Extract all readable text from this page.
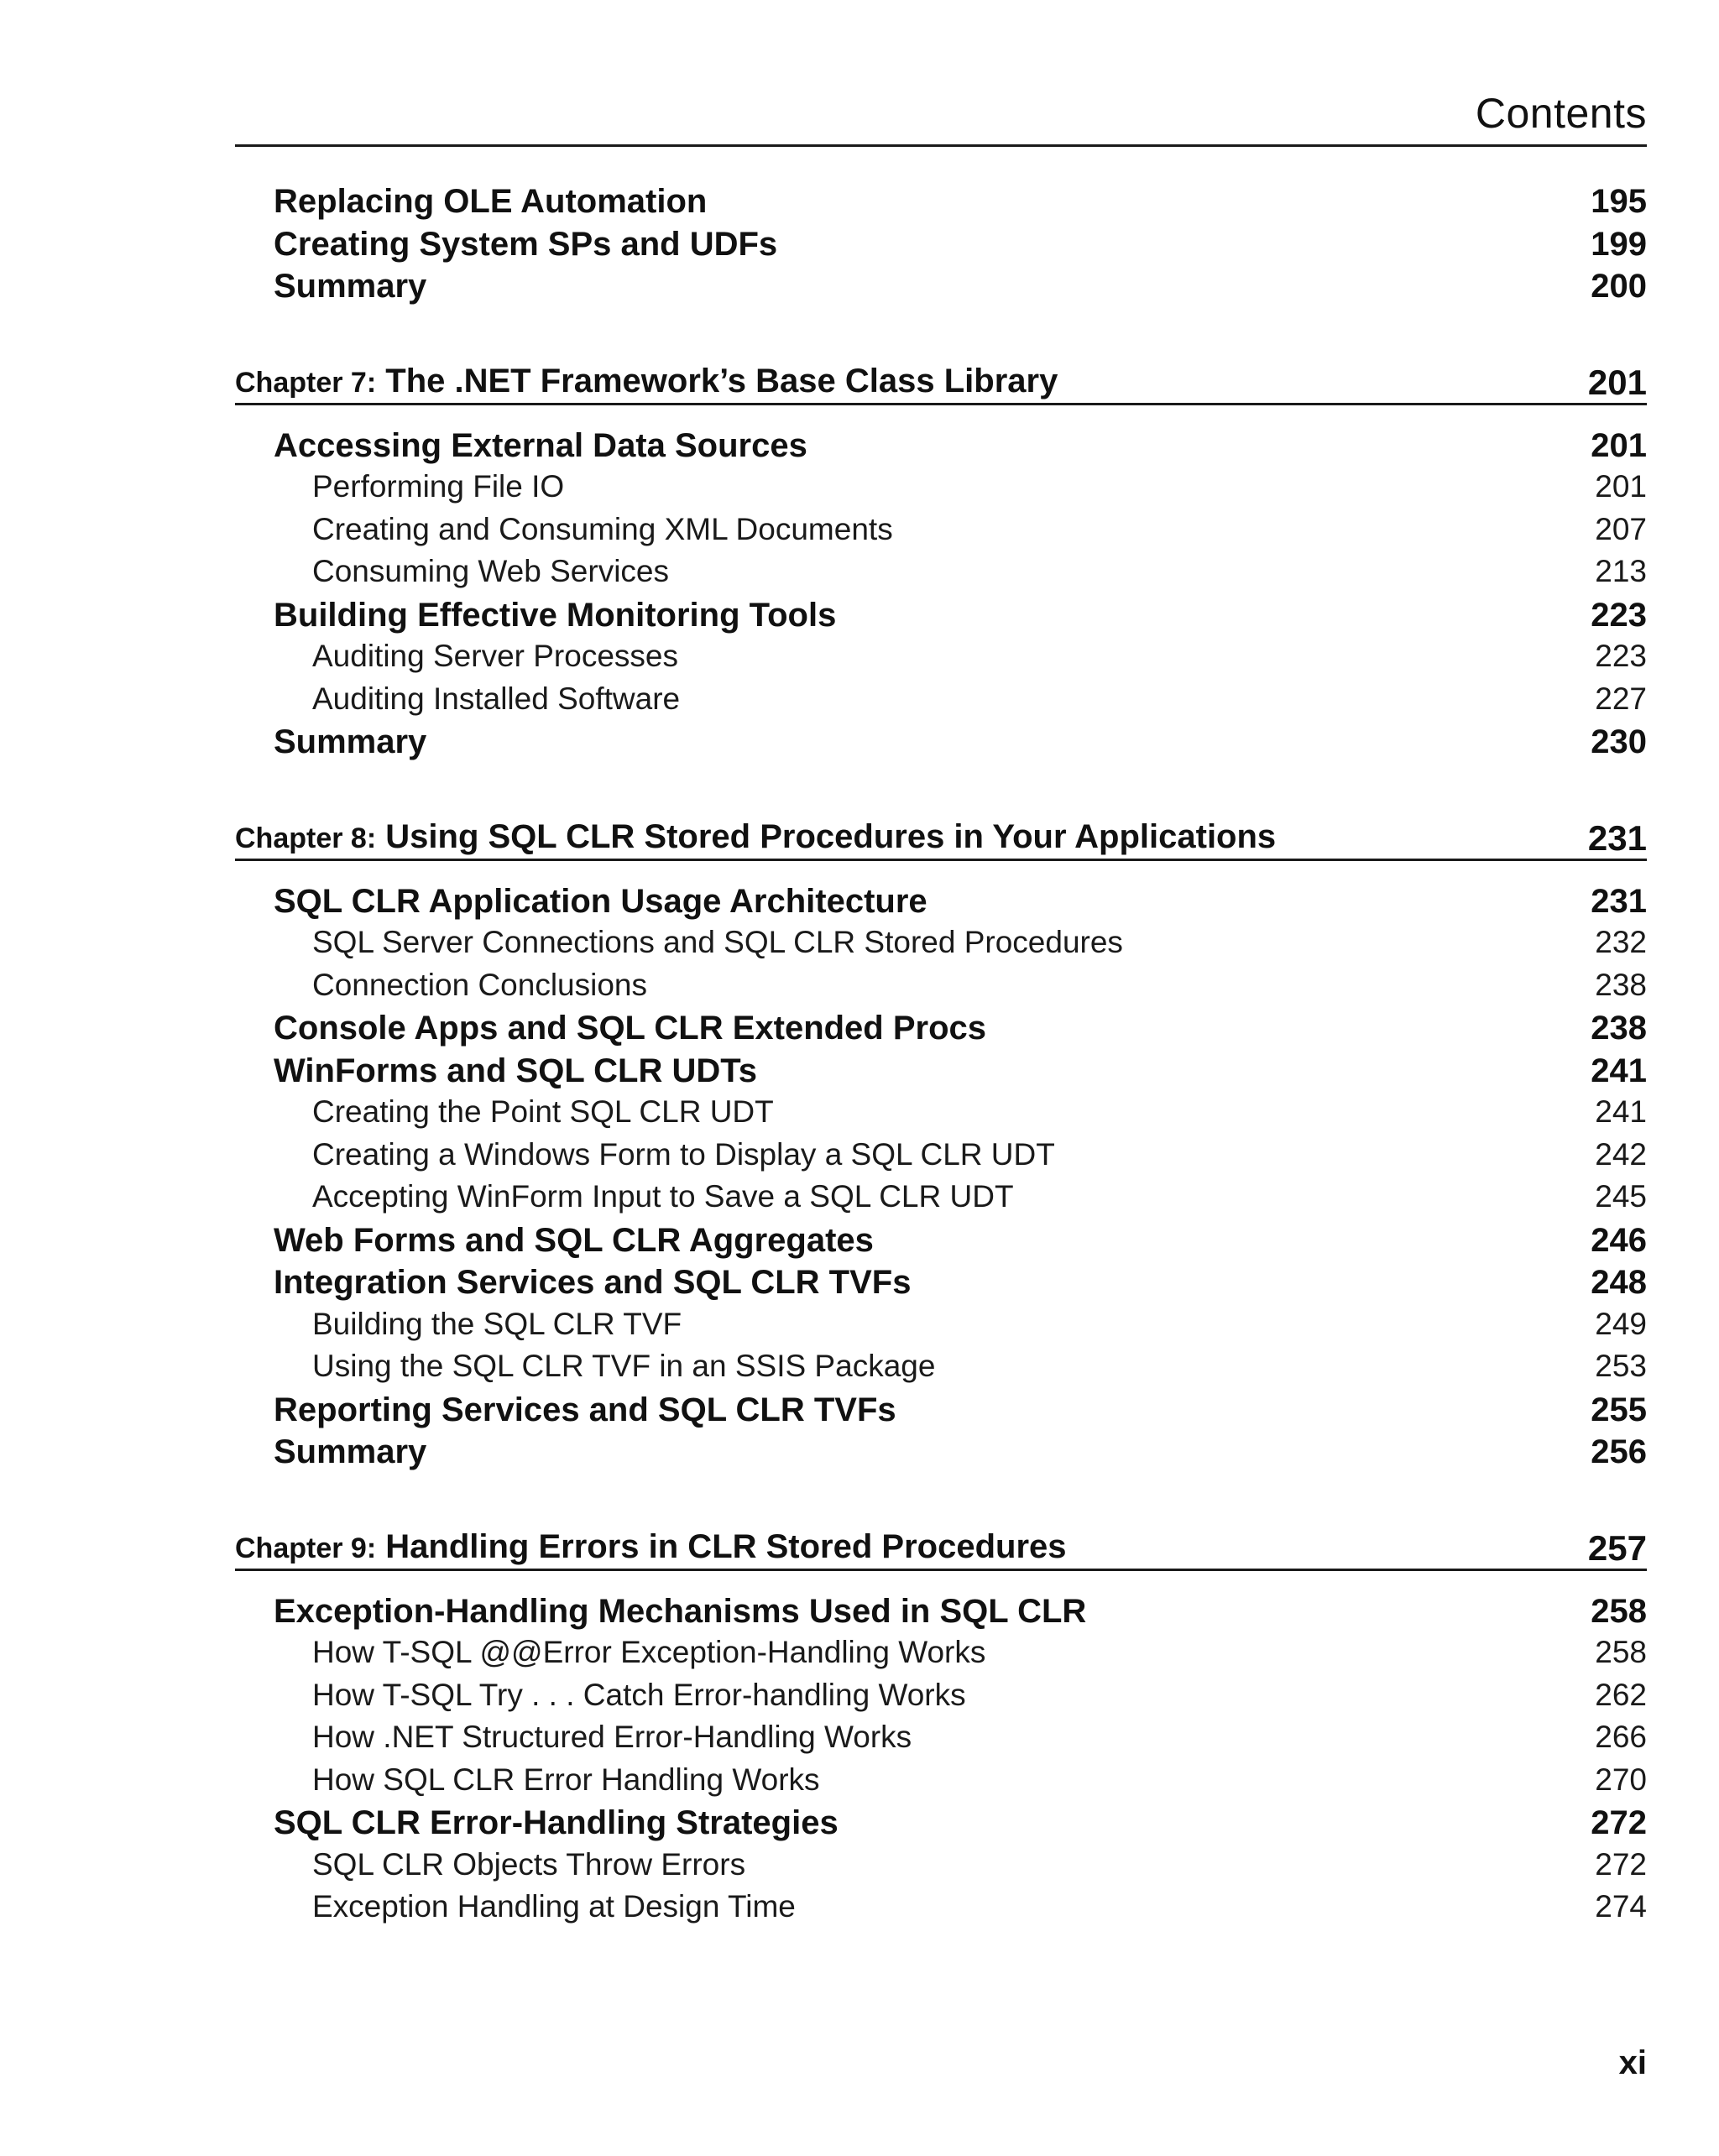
Contents
Replacing OLE Automation	195
Creating System SPs and UDFs	199
Summary	200
Chapter 7: The .NET Framework’s Base Class Library	201
Accessing External Data Sources	201
Performing File IO	201
Creating and Consuming XML Documents	207
Consuming Web Services	213
Building Effective Monitoring Tools	223
Auditing Server Processes	223
Auditing Installed Software	227
Summary	230
Chapter 8: Using SQL CLR Stored Procedures in Your Applications	231
SQL CLR Application Usage Architecture	231
SQL Server Connections and SQL CLR Stored Procedures	232
Connection Conclusions	238
Console Apps and SQL CLR Extended Procs	238
WinForms and SQL CLR UDTs	241
Creating the Point SQL CLR UDT	241
Creating a Windows Form to Display a SQL CLR UDT	242
Accepting WinForm Input to Save a SQL CLR UDT	245
Web Forms and SQL CLR Aggregates	246
Integration Services and SQL CLR TVFs	248
Building the SQL CLR TVF	249
Using the SQL CLR TVF in an SSIS Package	253
Reporting Services and SQL CLR TVFs	255
Summary	256
Chapter 9: Handling Errors in CLR Stored Procedures	257
Exception-Handling Mechanisms Used in SQL CLR	258
How T-SQL @@Error Exception-Handling Works	258
How T-SQL Try . . . Catch Error-handling Works	262
How .NET Structured Error-Handling Works	266
How SQL CLR Error Handling Works	270
SQL CLR Error-Handling Strategies	272
SQL CLR Objects Throw Errors	272
Exception Handling at Design Time	274
xi
